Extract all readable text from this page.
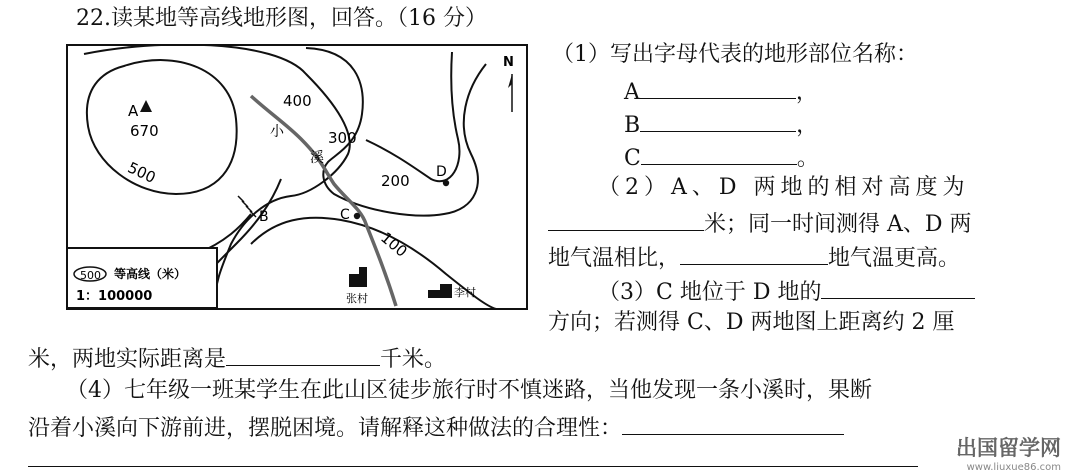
22.读某地等高线地形图，回答。（16 分）
N
400
300
200
100
500
A
670
B	C
D
小
溪
张村	李村
500 等高线（米）
1：100000
（1）写出字母代表的地形部位名称：
A	，
B	，
C	。
（2）A、D 两地的相对高度为
米；同一时间测得 A、D 两
地气温相比，	地气温更高。
（3）C 地位于 D 地的
方向；若测得 C、D 两地图上距离约 2 厘
米，两地实际距离是	千米。
（4）七年级一班某学生在此山区徒步旅行时不慎迷路，当他发现一条小溪时，果断
沿着小溪向下游前进，摆脱困境。请解释这种做法的合理性：
出国留学网
www.liuxue86.com
